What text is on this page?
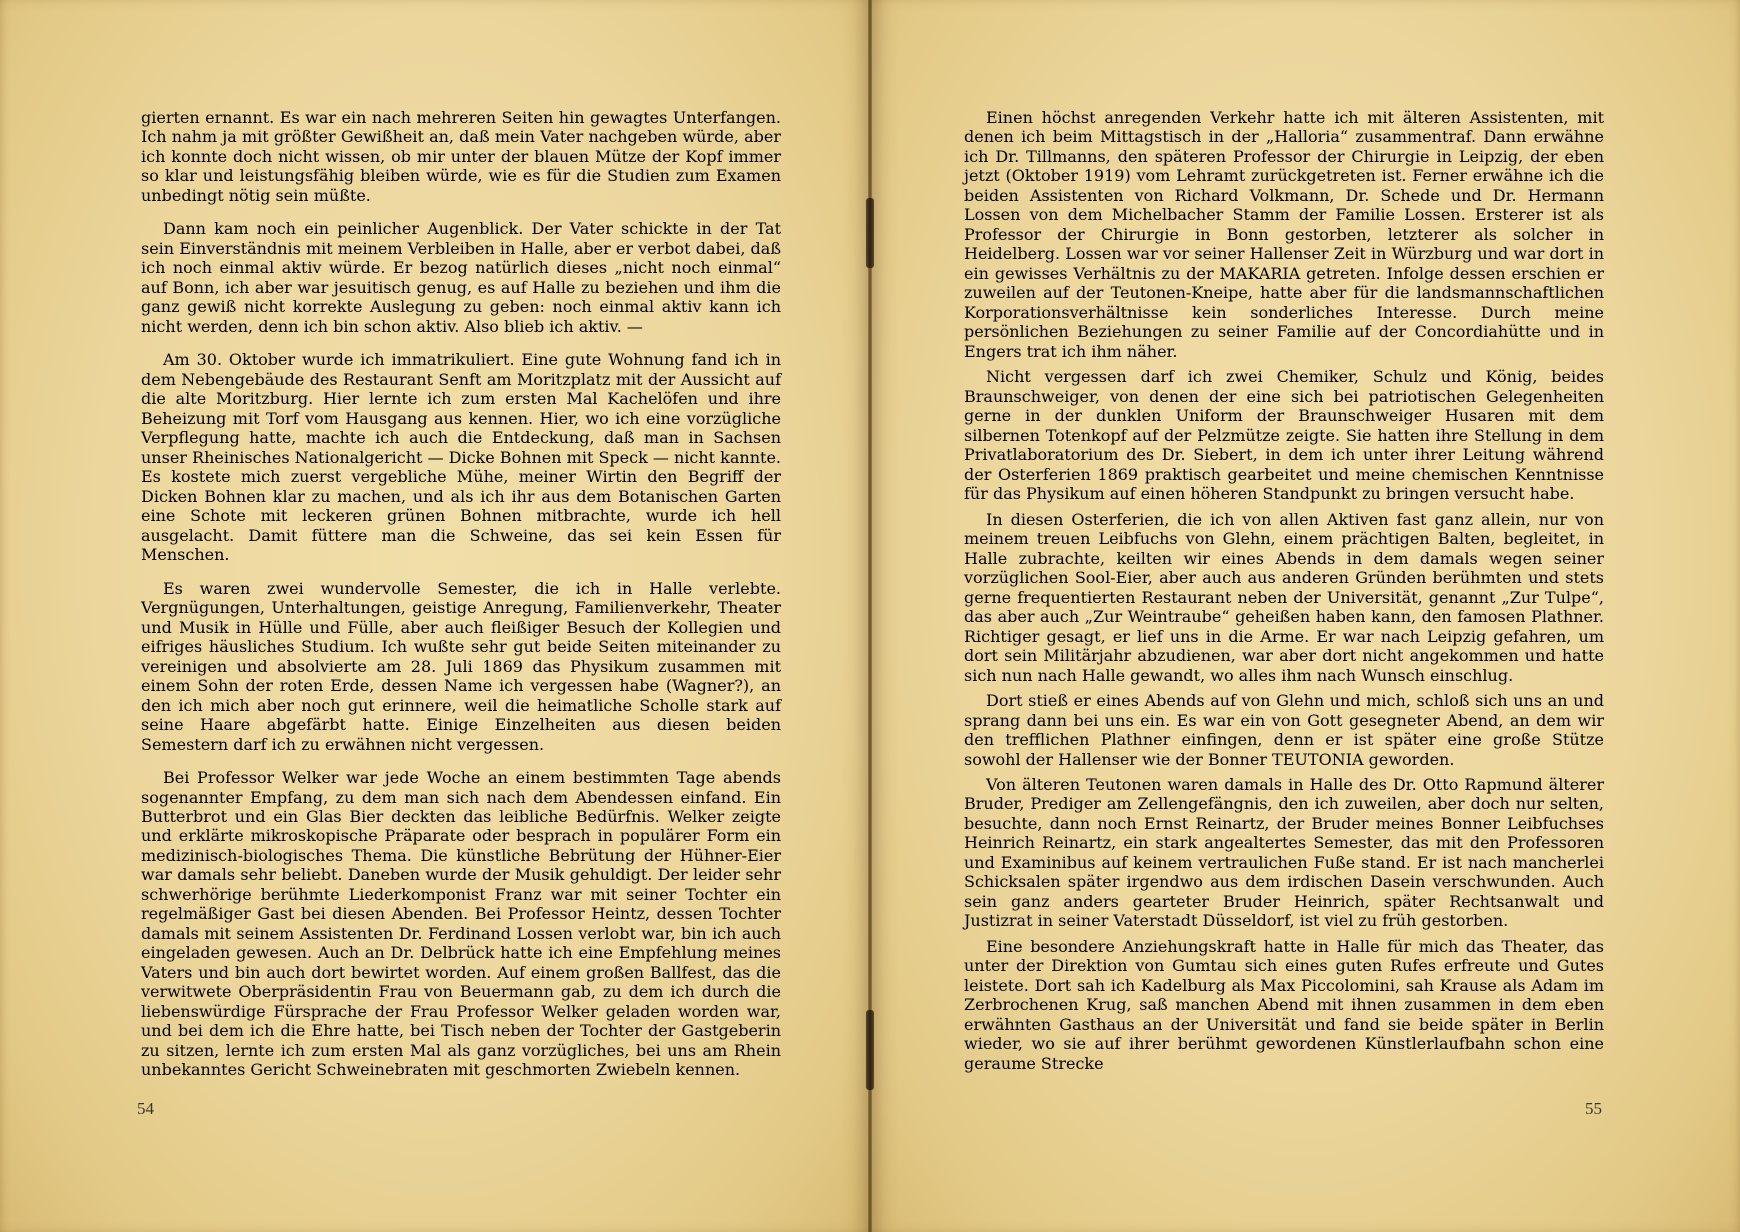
gierten ernannt. Es war ein nach mehreren Seiten hin gewagtes Unterfangen. Ich nahm ja mit größter Gewißheit an, daß mein Vater nachgeben würde, aber ich konnte doch nicht wissen, ob mir unter der blauen Mütze der Kopf immer so klar und leistungsfähig bleiben würde, wie es für die Studien zum Examen unbedingt nötig sein müßte.

Dann kam noch ein peinlicher Augenblick. Der Vater schickte in der Tat sein Einverständnis mit meinem Verbleiben in Halle, aber er verbot dabei, daß ich noch einmal aktiv würde. Er bezog natürlich dieses „nicht noch einmal“ auf Bonn, ich aber war jesuitisch genug, es auf Halle zu beziehen und ihm die ganz gewiß nicht korrekte Auslegung zu geben: noch einmal aktiv kann ich nicht werden, denn ich bin schon aktiv. Also blieb ich aktiv. —

Am 30. Oktober wurde ich immatrikuliert. Eine gute Wohnung fand ich in dem Nebengebäude des Restaurant Senft am Moritzplatz mit der Aussicht auf die alte Moritzburg. Hier lernte ich zum ersten Mal Kachelöfen und ihre Beheizung mit Torf vom Hausgang aus kennen. Hier, wo ich eine vorzügliche Verpflegung hatte, machte ich auch die Entdeckung, daß man in Sachsen unser Rheinisches Nationalgericht — Dicke Bohnen mit Speck — nicht kannte. Es kostete mich zuerst vergebliche Mühe, meiner Wirtin den Begriff der Dicken Bohnen klar zu machen, und als ich ihr aus dem Botanischen Garten eine Schote mit leckeren grünen Bohnen mitbrachte, wurde ich hell ausgelacht. Damit füttere man die Schweine, das sei kein Essen für Menschen.

Es waren zwei wundervolle Semester, die ich in Halle verlebte. Vergnügungen, Unterhaltungen, geistige Anregung, Familienverkehr, Theater und Musik in Hülle und Fülle, aber auch fleißiger Besuch der Kollegien und eifriges häusliches Studium. Ich wußte sehr gut beide Seiten miteinander zu vereinigen und absolvierte am 28. Juli 1869 das Physikum zusammen mit einem Sohn der roten Erde, dessen Name ich vergessen habe (Wagner?), an den ich mich aber noch gut erinnere, weil die heimatliche Scholle stark auf seine Haare abgefärbt hatte. Einige Einzelheiten aus diesen beiden Semestern darf ich zu erwähnen nicht vergessen.

Bei Professor Welker war jede Woche an einem bestimmten Tage abends sogenannter Empfang, zu dem man sich nach dem Abendessen einfand. Ein Butterbrot und ein Glas Bier deckten das leibliche Bedürfnis. Welker zeigte und erklärte mikroskopische Präparate oder besprach in populärer Form ein medizinisch-biologisches Thema. Die künstliche Bebrütung der Hühner-Eier war damals sehr beliebt. Daneben wurde der Musik gehuldigt. Der leider sehr schwerhörige berühmte Liederkomponist Franz war mit seiner Tochter ein regelmäßiger Gast bei diesen Abenden. Bei Professor Heintz, dessen Tochter damals mit seinem Assistenten Dr. Ferdinand Lossen verlobt war, bin ich auch eingeladen gewesen. Auch an Dr. Delbrück hatte ich eine Empfehlung meines Vaters und bin auch dort bewirtet worden. Auf einem großen Ballfest, das die verwitwete Oberpräsidentin Frau von Beuermann gab, zu dem ich durch die liebenswürdige Fürsprache der Frau Professor Welker geladen worden war, und bei dem ich die Ehre hatte, bei Tisch neben der Tochter der Gastgeberin zu sitzen, lernte ich zum ersten Mal als ganz vorzügliches, bei uns am Rhein unbekanntes Gericht Schweinebraten mit geschmorten Zwiebeln kennen.

54

Einen höchst anregenden Verkehr hatte ich mit älteren Assistenten, mit denen ich beim Mittagstisch in der „Halloria“ zusammentraf. Dann erwähne ich Dr. Tillmanns, den späteren Professor der Chirurgie in Leipzig, der eben jetzt (Oktober 1919) vom Lehramt zurückgetreten ist. Ferner erwähne ich die beiden Assistenten von Richard Volkmann, Dr. Schede und Dr. Hermann Lossen von dem Michelbacher Stamm der Familie Lossen. Ersterer ist als Professor der Chirurgie in Bonn gestorben, letzterer als solcher in Heidelberg. Lossen war vor seiner Hallenser Zeit in Würzburg und war dort in ein gewisses Verhältnis zu der MAKARIA getreten. Infolge dessen erschien er zuweilen auf der Teutonen-Kneipe, hatte aber für die landsmannschaftlichen Korporationsverhältnisse kein sonderliches Interesse. Durch meine persönlichen Beziehungen zu seiner Familie auf der Concordiahütte und in Engers trat ich ihm näher.

Nicht vergessen darf ich zwei Chemiker, Schulz und König, beides Braunschweiger, von denen der eine sich bei patriotischen Gelegenheiten gerne in der dunklen Uniform der Braunschweiger Husaren mit dem silbernen Totenkopf auf der Pelzmütze zeigte. Sie hatten ihre Stellung in dem Privatlaboratorium des Dr. Siebert, in dem ich unter ihrer Leitung während der Osterferien 1869 praktisch gearbeitet und meine chemischen Kenntnisse für das Physikum auf einen höheren Standpunkt zu bringen versucht habe.

In diesen Osterferien, die ich von allen Aktiven fast ganz allein, nur von meinem treuen Leibfuchs von Glehn, einem prächtigen Balten, begleitet, in Halle zubrachte, keilten wir eines Abends in dem damals wegen seiner vorzüglichen Sool-Eier, aber auch aus anderen Gründen berühmten und stets gerne frequentierten Restaurant neben der Universität, genannt „Zur Tulpe“, das aber auch „Zur Weintraube“ geheißen haben kann, den famosen Plathner. Richtiger gesagt, er lief uns in die Arme. Er war nach Leipzig gefahren, um dort sein Militärjahr abzudienen, war aber dort nicht angekommen und hatte sich nun nach Halle gewandt, wo alles ihm nach Wunsch einschlug.

Dort stieß er eines Abends auf von Glehn und mich, schloß sich uns an und sprang dann bei uns ein. Es war ein von Gott gesegneter Abend, an dem wir den trefflichen Plathner einfingen, denn er ist später eine große Stütze sowohl der Hallenser wie der Bonner TEUTONIA geworden.

Von älteren Teutonen waren damals in Halle des Dr. Otto Rapmund älterer Bruder, Prediger am Zellengefängnis, den ich zuweilen, aber doch nur selten, besuchte, dann noch Ernst Reinartz, der Bruder meines Bonner Leibfuchses Heinrich Reinartz, ein stark angealtertes Semester, das mit den Professoren und Examinibus auf keinem vertraulichen Fuße stand. Er ist nach mancherlei Schicksalen später irgendwo aus dem irdischen Dasein verschwunden. Auch sein ganz anders gearteter Bruder Heinrich, später Rechtsanwalt und Justizrat in seiner Vaterstadt Düsseldorf, ist viel zu früh gestorben.

Eine besondere Anziehungskraft hatte in Halle für mich das Theater, das unter der Direktion von Gumtau sich eines guten Rufes erfreute und Gutes leistete. Dort sah ich Kadelburg als Max Piccolomini, sah Krause als Adam im Zerbrochenen Krug, saß manchen Abend mit ihnen zusammen in dem eben erwähnten Gasthaus an der Universität und fand sie beide später in Berlin wieder, wo sie auf ihrer berühmt gewordenen Künstlerlaufbahn schon eine geraume Strecke

55
